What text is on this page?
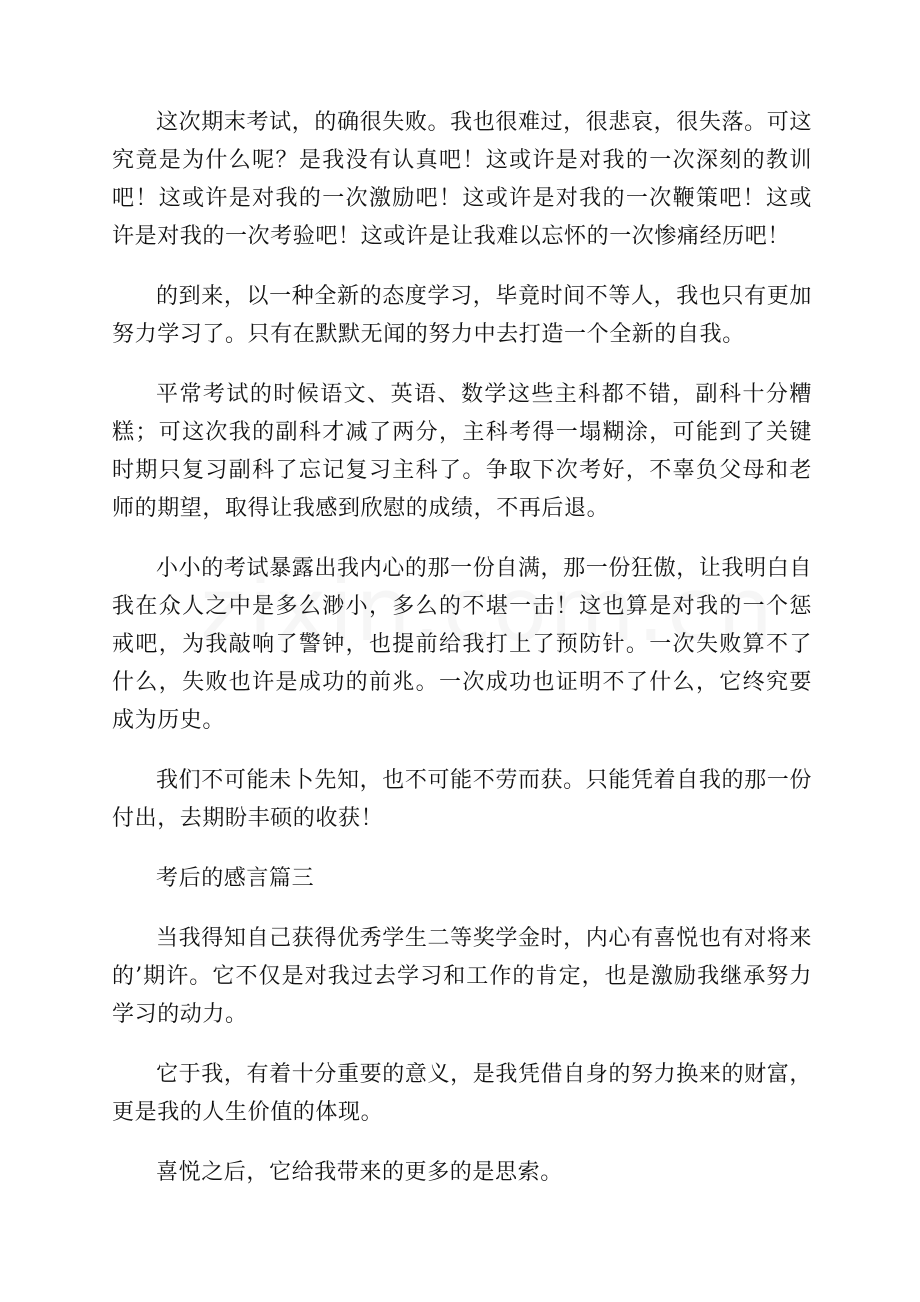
这次期末考试，的确很失败。我也很难过，很悲哀，很失落。可这究竟是为什么呢？是我没有认真吧！这或许是对我的一次深刻的教训吧！这或许是对我的一次激励吧！这或许是对我的一次鞭策吧！这或许是对我的一次考验吧！这或许是让我难以忘怀的一次惨痛经历吧！

的到来，以一种全新的态度学习，毕竟时间不等人，我也只有更加努力学习了。只有在默默无闻的努力中去打造一个全新的自我。

平常考试的时候语文、英语、数学这些主科都不错，副科十分糟糕；可这次我的副科才减了两分，主科考得一塌糊涂，可能到了关键时期只复习副科了忘记复习主科了。争取下次考好，不辜负父母和老师的期望，取得让我感到欣慰的成绩，不再后退。

小小的考试暴露出我内心的那一份自满，那一份狂傲，让我明白自我在众人之中是多么渺小，多么的不堪一击！这也算是对我的一个惩戒吧，为我敲响了警钟，也提前给我打上了预防针。一次失败算不了什么，失败也许是成功的前兆。一次成功也证明不了什么，它终究要成为历史。

我们不可能未卜先知，也不可能不劳而获。只能凭着自我的那一份付出，去期盼丰硕的收获！

考后的感言篇三

当我得知自己获得优秀学生二等奖学金时，内心有喜悦也有对将来的’期许。它不仅是对我过去学习和工作的肯定，也是激励我继承努力学习的动力。

它于我，有着十分重要的意义，是我凭借自身的努力换来的财富，更是我的人生价值的体现。

喜悦之后，它给我带来的更多的是思索。
